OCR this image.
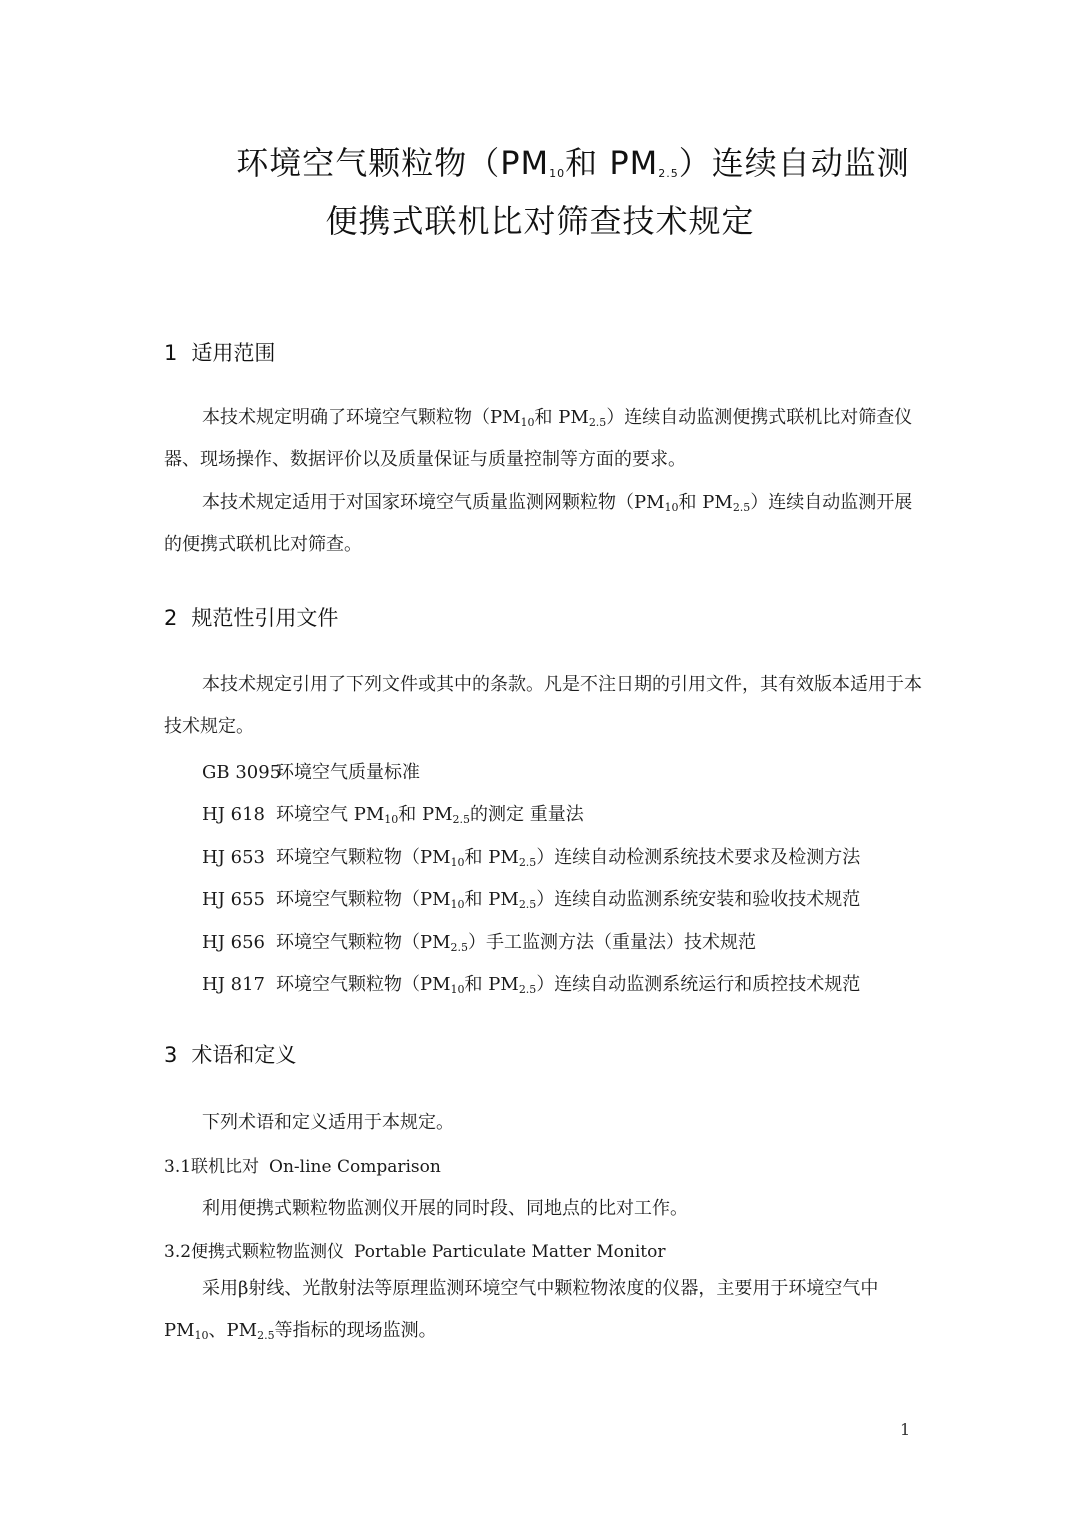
环境空气颗粒物（$PM_{10}$和 $PM_{2.5}$）连续自动监测
便携式联机比对筛查技术规定
1 适用范围

本技术规定明确了环境空气颗粒物（$PM_{10}$和 $PM_{2.5}$）连续自动监测便携式联机比对筛查仪器、现场操作、数据评价以及质量保证与质量控制等方面的要求。

本技术规定适用于对国家环境空气质量监测网颗粒物（$PM_{10}$和 $PM_{2.5}$）连续自动监测开展的便携式联机比对筛查。

2 规范性引用文件

本技术规定引用了下列文件或其中的条款。凡是不注日期的引用文件，其有效版本适用于本技术规定。

GB 3095环境空气质量标准
HJ 618 环境空气 $PM_{10}$和 $PM_{2.5}$的测定 重量法
HJ 653 环境空气颗粒物（$PM_{10}$和 $PM_{2.5}$）连续自动检测系统技术要求及检测方法
HJ 655 环境空气颗粒物（$PM_{10}$和 $PM_{2.5}$）连续自动监测系统安装和验收技术规范
HJ 656 环境空气颗粒物$(PM_{2.5})$手工监测方法（重量法）技术规范
HJ 817 环境空气颗粒物（$PM_{10}$和 $PM_{2.5}$）连续自动监测系统运行和质控技术规范
3 术语和定义
下列术语和定义适用于本规定。
3.1联机比对 On-line Comparison
利用便携式颗粒物监测仪开展的同时段、同地点的比对工作。
3.2便携式颗粒物监测仪 Portable Particulate Matter Monitor

采用β射线、光散射法等原理监测环境空气中颗粒物浓度的仪器，主要用于环境空气中 $PM_{10}$、$PM_{2.5}$等指标的现场监测。

1
